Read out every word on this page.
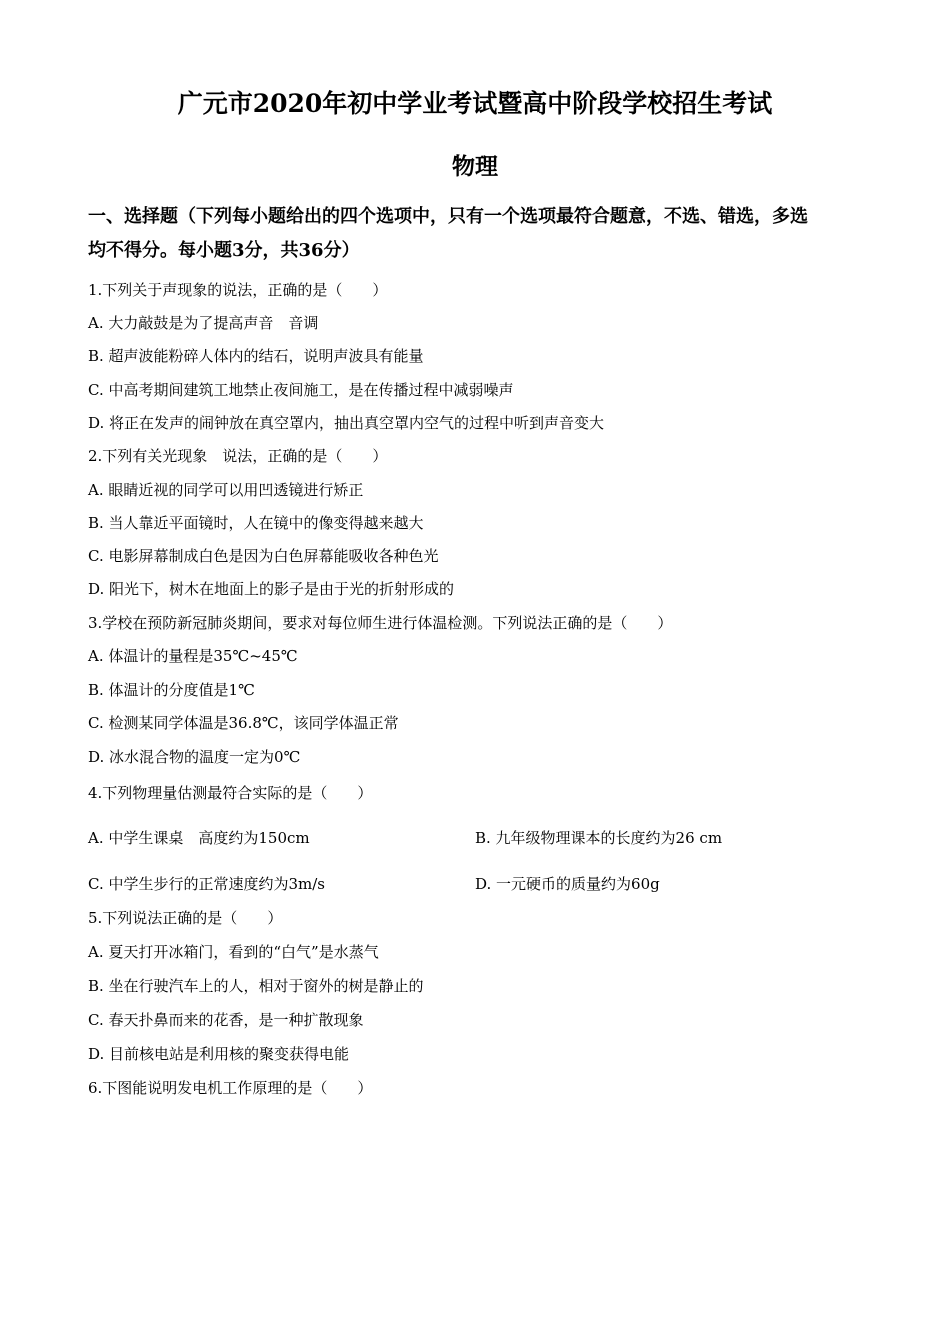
广元市2020年初中学业考试暨高中阶段学校招生考试
物理
一、选择题（下列每小题给出的四个选项中，只有一个选项最符合题意，不选、错选，多选
均不得分。每小题3分，共36分）
1.下列关于声现象的说法，正确的是（　　）
A. 大力敲鼓是为了提高声音　音调
B. 超声波能粉碎人体内的结石，说明声波具有能量
C. 中高考期间建筑工地禁止夜间施工，是在传播过程中减弱噪声
D. 将正在发声的闹钟放在真空罩内，抽出真空罩内空气的过程中听到声音变大
2.下列有关光现象　说法，正确的是（　　）
A. 眼睛近视的同学可以用凹透镜进行矫正
B. 当人靠近平面镜时，人在镜中的像变得越来越大
C. 电影屏幕制成白色是因为白色屏幕能吸收各种色光
D. 阳光下，树木在地面上的影子是由于光的折射形成的
3.学校在预防新冠肺炎期间，要求对每位师生进行体温检测。下列说法正确的是（　　）
A. 体温计的量程是35℃~45℃
B. 体温计的分度值是1℃
C. 检测某同学体温是36.8℃，该同学体温正常
D. 冰水混合物的温度一定为0℃
4.下列物理量估测最符合实际的是（　　）
A. 中学生课桌　高度约为150cm	B. 九年级物理课本的长度约为26 cm
C. 中学生步行的正常速度约为3m/s	D. 一元硬币的质量约为60g
5.下列说法正确的是（　　）
A. 夏天打开冰箱门，看到的“白气”是水蒸气
B. 坐在行驶汽车上的人，相对于窗外的树是静止的
C. 春天扑鼻而来的花香，是一种扩散现象
D. 目前核电站是利用核的聚变获得电能
6.下图能说明发电机工作原理的是（　　）
